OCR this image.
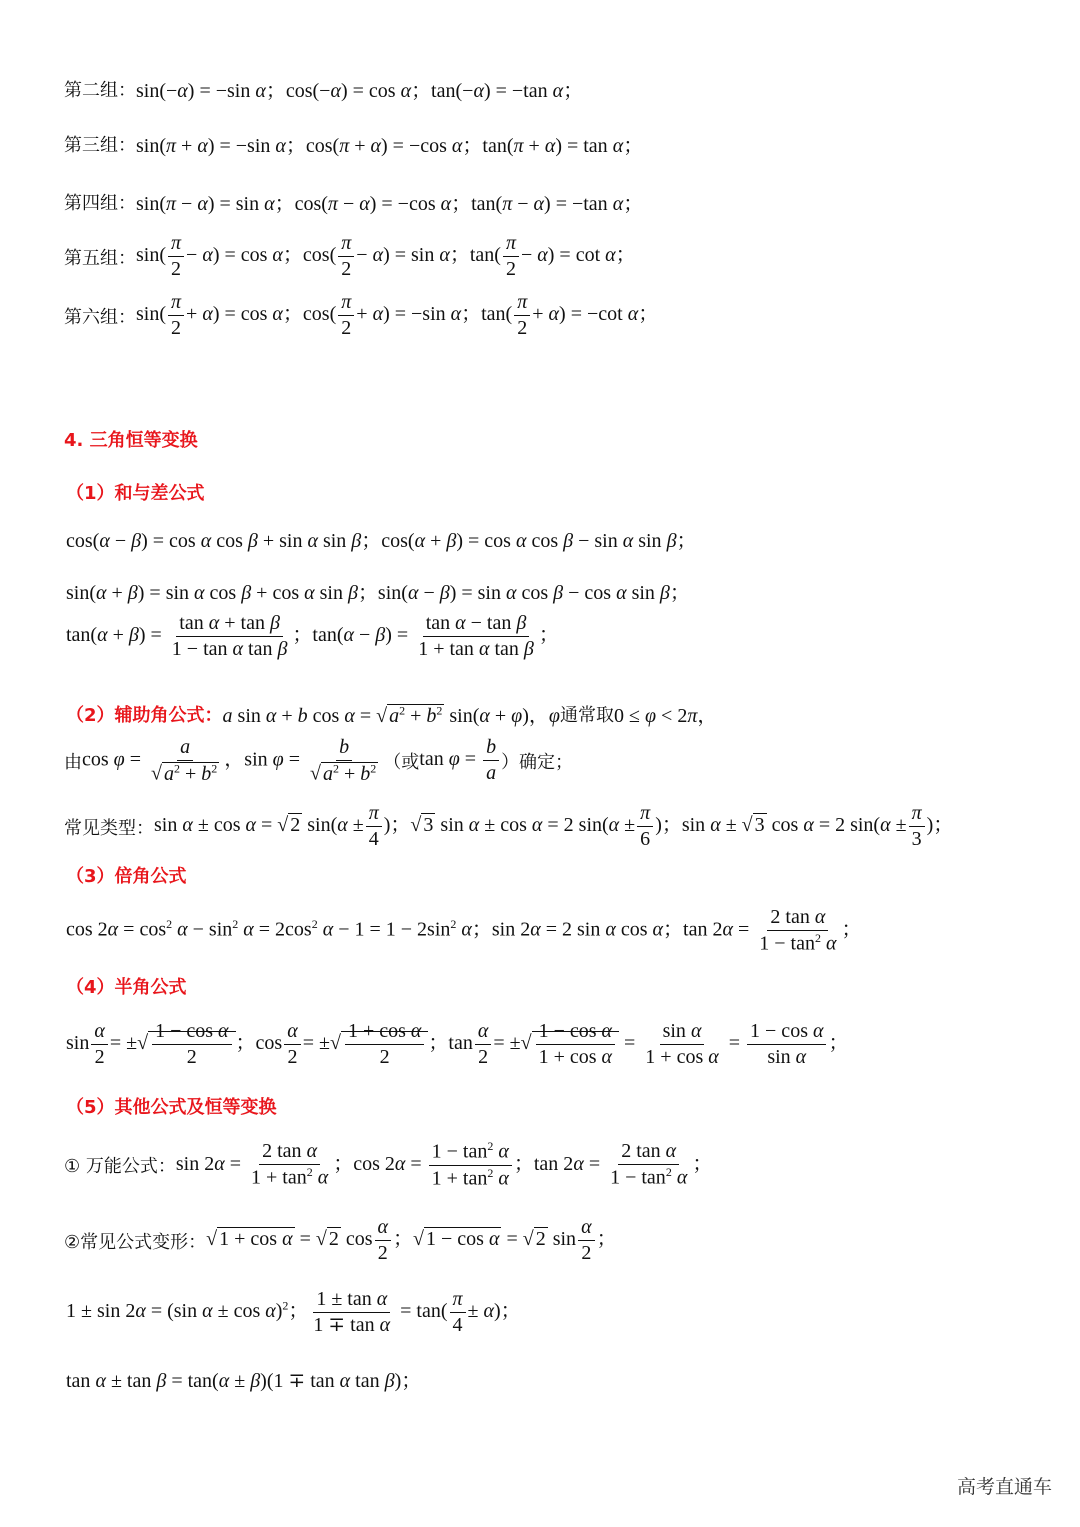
第二组： sin(−α) = −sin α；cos(−α) = cos α；tan(−α) = −tan α；
第三组： sin(π + α) = −sin α；cos(π + α) = −cos α；tan(π + α) = tan α；
第四组： sin(π − α) = sin α；cos(π − α) = −cos α；tan(π − α) = −tan α；
第五组： $\sin( \frac{\pi}{2} - \alpha) = \cos \alpha$；$\cos( \frac{\pi}{2} - \alpha) = \sin \alpha$；$\tan( \frac{\pi}{2} - \alpha) = \cot \alpha$；
第六组： $\sin( \frac{\pi}{2} + \alpha) = \cos \alpha$；$\cos( \frac{\pi}{2} + \alpha) = -\sin$ α；$\tan( \frac{\pi}{2} + \alpha) = -\cot$ α；
4. 三角恒等变换
（1）和与差公式
cos(α − β) = cos α cos β + sin α sin β；cos(α + β) = cos α cos β − sin α sin β；
sin(α + β) = sin α cos β + cos α sin β；sin(α − β) = sin α cos β − cos α sin β；
$\tan(\alpha + \beta) = \frac{\text{tan α + tan β}}{\text{1 − tan α tan β}}$ ；$\tan(\alpha - \beta) = \frac{\text{tan α − tan β}}{\text{1 + tan α tan β}}$ ；
（2）辅助角公式： a sin α + b cos α = √ $a^2 + b^2$ sin(α + φ)，φ 通常取 0 ≤ φ < 2π，
由 $\cos \varphi = \frac{a}{√ a^2 + b^2}$ ，$\sin \varphi = \frac{b}{√ a^2 + b^2}$ （或 $\tan \varphi = \frac{b}{a}$ ）确定；
常见类型： sin α ± cos α = √ 2 $\sin(\alpha \pm \frac{\pi}{4}$ )；√ 3 sin α ± cos α = 2 $\sin(\alpha \pm \frac{\pi}{6}$ )；sin α ± √ 3 cos α = 2 $\sin(\alpha \pm \frac{\pi}{3}$ )；
（3）倍角公式
$\cos 2\alpha = \cos^2 \alpha - \sin^2 \alpha = 2\cos^2$ $\alpha - 1 = 1 - 2\sin^2$ α；sin 2α = 2 sin α cos α；$\tan 2\alpha = \frac{\text{2 tan α}}{1 - \tan^2 \alpha}$ ；
（4）半角公式
$\sin \frac{\alpha}{2}$ = ±√ $\frac{\text{1 − cos α}}{2}$ ；$\cos \frac{\alpha}{2}$ = ±√ $\frac{\text{1 + cos α}}{2}$ ；$\tan \frac{\alpha}{2}$ = ±√ $\frac{\text{1 − cos α}}{\text{1 + cos α}} = \frac{\text{sin α}}{\text{1 + cos α}} = \frac{\text{1 − cos α}}{\text{sin α}}$ ；
（5）其他公式及恒等变换
① 万能公式： $\sin 2\alpha = \frac{\text{2 tan α}}{1 + \tan^2 \alpha}$ ；$\cos 2\alpha = \frac{1 - \tan^2 \alpha}{1 + \tan^2 \alpha}$ ；$\tan 2\alpha = \frac{\text{2 tan α}}{1 - \tan^2 \alpha}$ ；
②常见公式变形： √ 1 + cos α = √ 2 $\cos \frac{\alpha}{2}$ ；√ 1 − cos α = √ 2 $\sin \frac{\alpha}{2}$ ；
1 ± sin 2α = (sin α ± cos α)$^2$； $\frac{\text{1 ± tan α}}{\text{1 ∓ tan α}} = \tan( \frac{\pi}{4} \pm \alpha)$；
tan α ± tan β = tan(α ± β)(1 ∓ tan α tan β)；
高考直通车
